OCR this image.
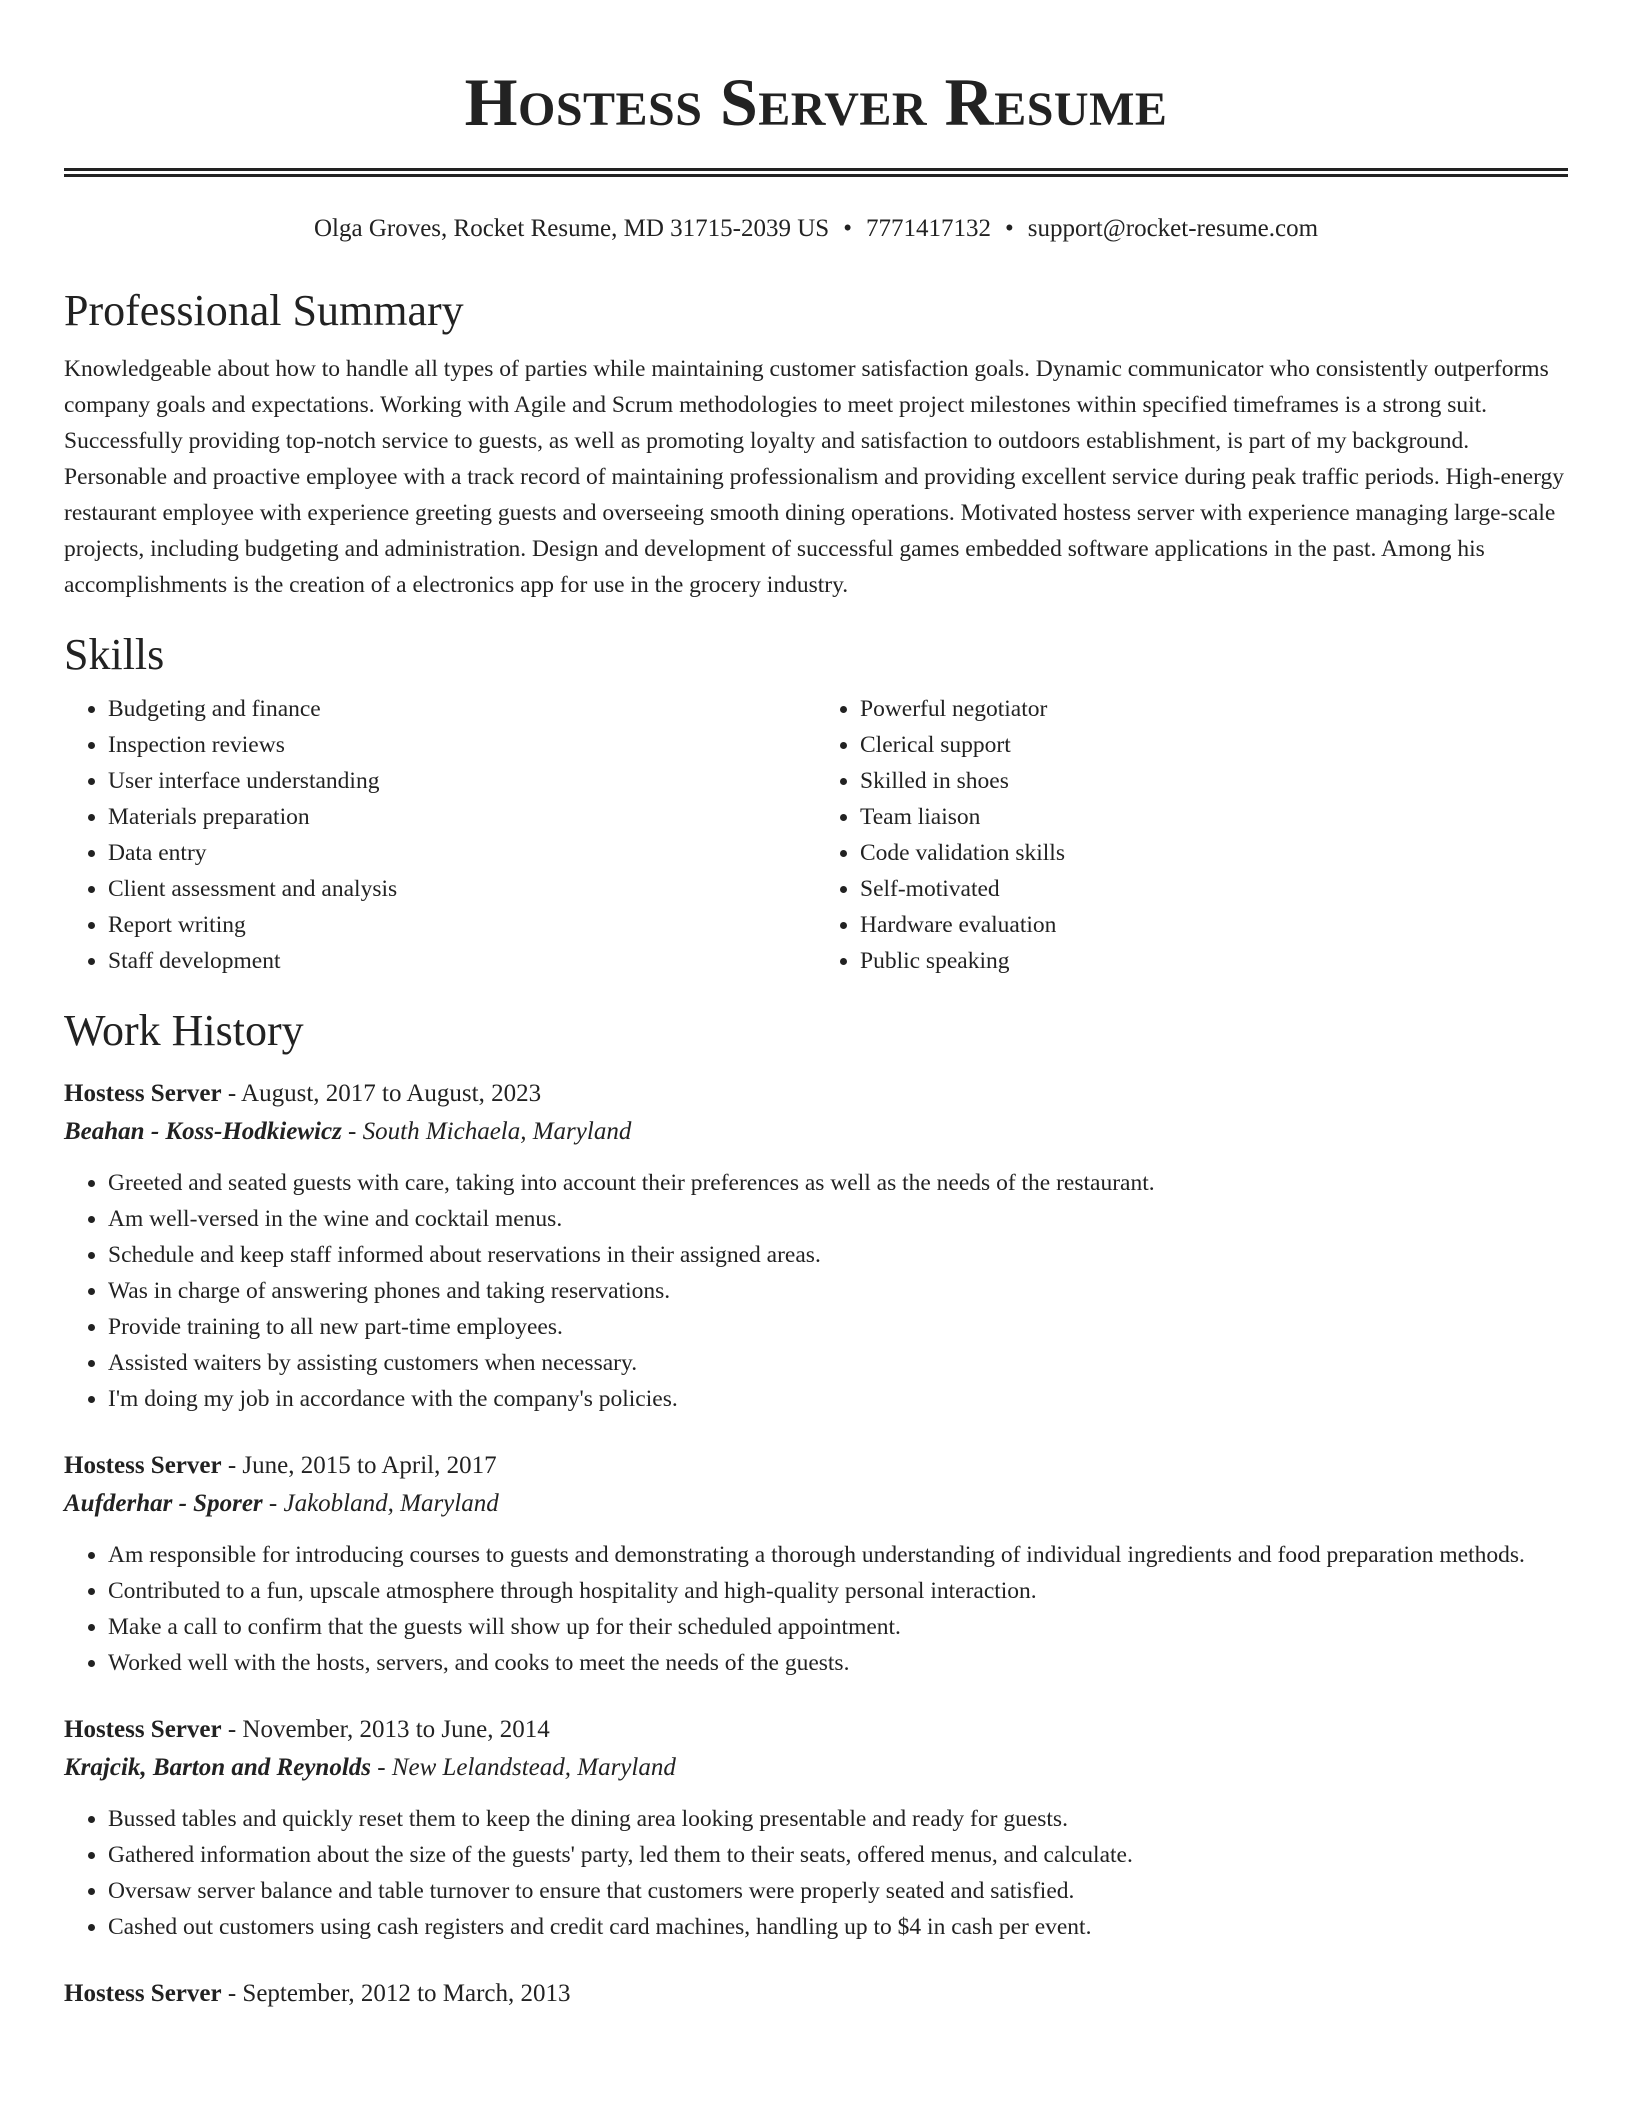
Hostess Server Resume
Olga Groves, Rocket Resume, MD 31715-2039 US • 7771417132 • support@rocket-resume.com
Professional Summary

Knowledgeable about how to handle all types of parties while maintaining customer satisfaction goals. Dynamic communicator who consistently outperforms company goals and expectations. Working with Agile and Scrum methodologies to meet project milestones within specified timeframes is a strong suit. Successfully providing top-notch service to guests, as well as promoting loyalty and satisfaction to outdoors establishment, is part of my background. Personable and proactive employee with a track record of maintaining professionalism and providing excellent service during peak traffic periods. High-energy restaurant employee with experience greeting guests and overseeing smooth dining operations. Motivated hostess server with experience managing large-scale projects, including budgeting and administration. Design and development of successful games embedded software applications in the past. Among his accomplishments is the creation of a electronics app for use in the grocery industry.

Skills
• Budgeting and finance
• Inspection reviews
• User interface understanding
• Materials preparation
• Data entry
• Client assessment and analysis
• Report writing
• Staff development
• Powerful negotiator
• Clerical support
• Skilled in shoes
• Team liaison
• Code validation skills
• Self-motivated
• Hardware evaluation
• Public speaking
Work History
Hostess Server - August, 2017 to August, 2023
Beahan - Koss-Hodkiewicz - South Michaela, Maryland
• Greeted and seated guests with care, taking into account their preferences as well as the needs of the restaurant.
• Am well-versed in the wine and cocktail menus.
• Schedule and keep staff informed about reservations in their assigned areas.
• Was in charge of answering phones and taking reservations.
• Provide training to all new part-time employees.
• Assisted waiters by assisting customers when necessary.
• I'm doing my job in accordance with the company's policies.
Hostess Server - June, 2015 to April, 2017
Aufderhar - Sporer - Jakobland, Maryland
• Am responsible for introducing courses to guests and demonstrating a thorough understanding of individual ingredients and food preparation methods.
• Contributed to a fun, upscale atmosphere through hospitality and high-quality personal interaction.
• Make a call to confirm that the guests will show up for their scheduled appointment.
• Worked well with the hosts, servers, and cooks to meet the needs of the guests.
Hostess Server - November, 2013 to June, 2014
Krajcik, Barton and Reynolds - New Lelandstead, Maryland
• Bussed tables and quickly reset them to keep the dining area looking presentable and ready for guests.
• Gathered information about the size of the guests' party, led them to their seats, offered menus, and calculate.
• Oversaw server balance and table turnover to ensure that customers were properly seated and satisfied.
• Cashed out customers using cash registers and credit card machines, handling up to $4 in cash per event.
Hostess Server - September, 2012 to March, 2013
